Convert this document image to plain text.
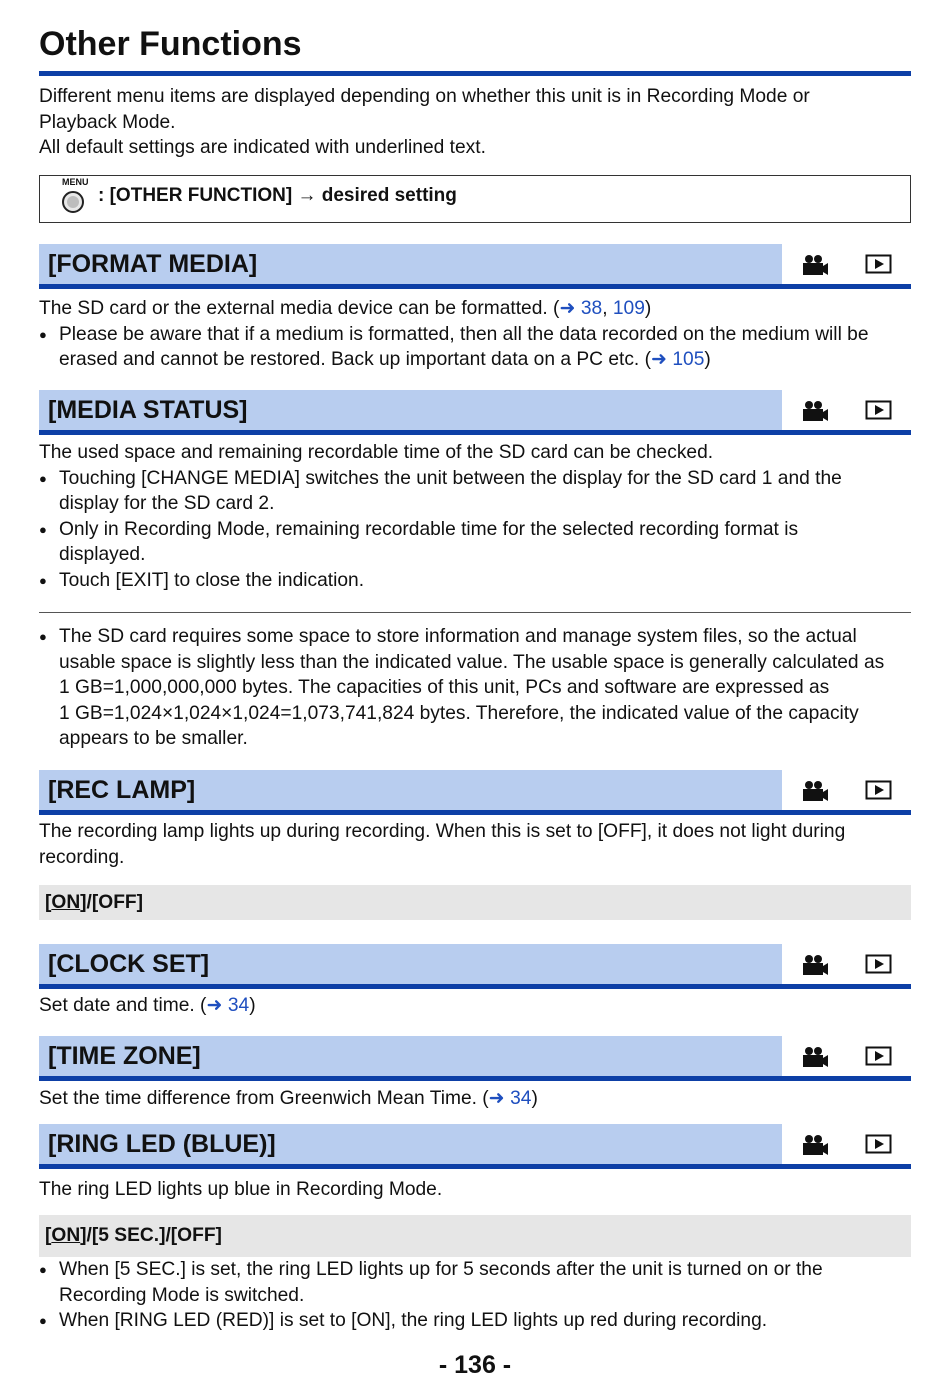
Other Functions

Different menu items are displayed depending on whether this unit is in Recording Mode or

Playback Mode.

All default settings are indicated with underlined text.

MENU
: [OTHER FUNCTION] → desired setting
[FORMAT MEDIA]

The SD card or the external media device can be formatted. (➜ 38, 109)

● Please be aware that if a medium is formatted, then all the data recorded on the medium will be
erased and cannot be restored. Back up important data on a PC etc. (➜ 105)
[MEDIA STATUS]

The used space and remaining recordable time of the SD card can be checked.

● Touching [CHANGE MEDIA] switches the unit between the display for the SD card 1 and the
display for the SD card 2.
● Only in Recording Mode, remaining recordable time for the selected recording format is
displayed.
● Touch [EXIT] to close the indication.
● The SD card requires some space to store information and manage system files, so the actual
usable space is slightly less than the indicated value. The usable space is generally calculated as
1 GB=1,000,000,000 bytes. The capacities of this unit, PCs and software are expressed as
1 GB=1,024×1,024×1,024=1,073,741,824 bytes. Therefore, the indicated value of the capacity
appears to be smaller.
[REC LAMP]

The recording lamp lights up during recording. When this is set to [OFF], it does not light during

recording.

[ON]/[OFF]
[CLOCK SET]

Set date and time. (➜ 34)

[TIME ZONE]

Set the time difference from Greenwich Mean Time. (➜ 34)

[RING LED (BLUE)]

The ring LED lights up blue in Recording Mode.

[ON]/[5 SEC.]/[OFF]
● When [5 SEC.] is set, the ring LED lights up for 5 seconds after the unit is turned on or the
Recording Mode is switched.
● When [RING LED (RED)] is set to [ON], the ring LED lights up red during recording.
- 136 -
